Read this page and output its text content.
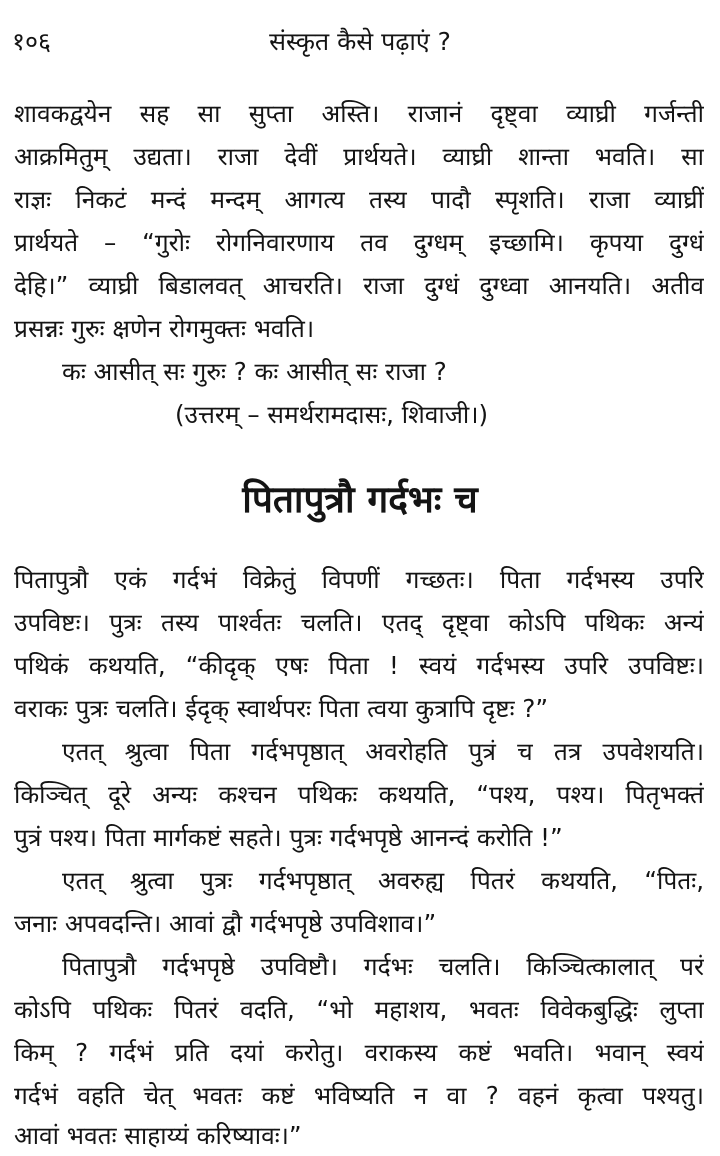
१०६	संस्कृत कैसे पढ़ाएं ?
शावकद्वयेन सह सा सुप्ता अस्ति। राजानं दृष्ट्वा व्याघ्री गर्जन्ती
आक्रमितुम् उद्यता। राजा देवीं प्रार्थयते। व्याघ्री शान्ता भवति। सा
राज्ञः निकटं मन्दं मन्दम् आगत्य तस्य पादौ स्पृशति। राजा व्याघ्रीं
प्रार्थयते – “गुरोः रोगनिवारणाय तव दुग्धम् इच्छामि। कृपया दुग्धं
देहि।” व्याघ्री बिडालवत् आचरति। राजा दुग्धं दुग्ध्वा आनयति। अतीव
प्रसन्नः गुरुः क्षणेन रोगमुक्तः भवति।
कः आसीत् सः गुरुः ? कः आसीत् सः राजा ?
(उत्तरम् – समर्थरामदासः, शिवाजी।)
पितापुत्रौ गर्दभः च
पितापुत्रौ एकं गर्दभं विक्रेतुं विपणीं गच्छतः। पिता गर्दभस्य उपरि
उपविष्टः। पुत्रः तस्य पार्श्वतः चलति। एतद् दृष्ट्वा कोऽपि पथिकः अन्यं
पथिकं कथयति, “कीदृक् एषः पिता ! स्वयं गर्दभस्य उपरि उपविष्टः।
वराकः पुत्रः चलति। ईदृक् स्वार्थपरः पिता त्वया कुत्रापि दृष्टः ?”
एतत् श्रुत्वा पिता गर्दभपृष्ठात् अवरोहति पुत्रं च तत्र उपवेशयति।
किञ्चित् दूरे अन्यः कश्चन पथिकः कथयति, “पश्य, पश्य। पितृभक्तं
पुत्रं पश्य। पिता मार्गकष्टं सहते। पुत्रः गर्दभपृष्ठे आनन्दं करोति !”
एतत् श्रुत्वा पुत्रः गर्दभपृष्ठात् अवरुह्य पितरं कथयति, “पितः,
जनाः अपवदन्ति। आवां द्वौ गर्दभपृष्ठे उपविशाव।”
पितापुत्रौ गर्दभपृष्ठे उपविष्टौ। गर्दभः चलति। किञ्चित्कालात् परं
कोऽपि पथिकः पितरं वदति, “भो महाशय, भवतः विवेकबुद्धिः लुप्ता
किम् ? गर्दभं प्रति दयां करोतु। वराकस्य कष्टं भवति। भवान् स्वयं
गर्दभं वहति चेत् भवतः कष्टं भविष्यति न वा ? वहनं कृत्वा पश्यतु।
आवां भवतः साहाय्यं करिष्यावः।”
